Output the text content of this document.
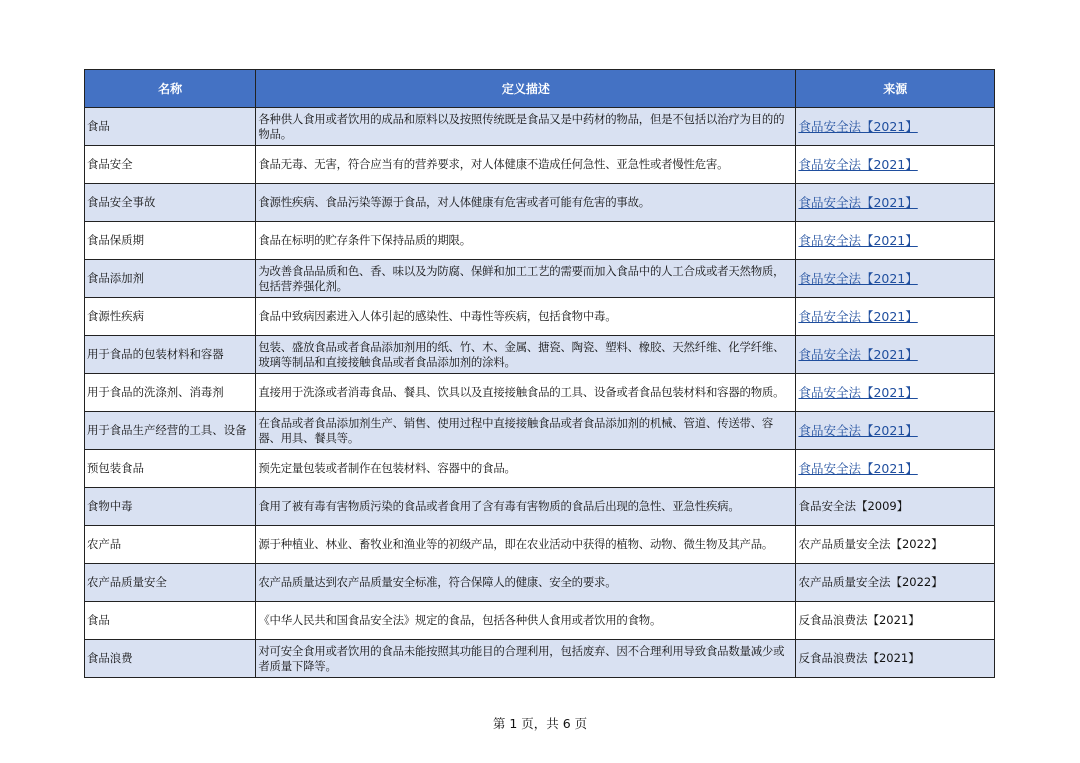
名称	定义描述	来源
食品	各种供人食用或者饮用的成品和原料以及按照传统既是食品又是中药材的物品，但是不包括以治疗为目的的物品。	食品安全法【2021】
食品安全	食品无毒、无害，符合应当有的营养要求，对人体健康不造成任何急性、亚急性或者慢性危害。	食品安全法【2021】
食品安全事故	食源性疾病、食品污染等源于食品，对人体健康有危害或者可能有危害的事故。	食品安全法【2021】
食品保质期	食品在标明的贮存条件下保持品质的期限。	食品安全法【2021】
食品添加剂	为改善食品品质和色、香、味以及为防腐、保鲜和加工工艺的需要而加入食品中的人工合成或者天然物质，包括营养强化剂。	食品安全法【2021】
食源性疾病	食品中致病因素进入人体引起的感染性、中毒性等疾病，包括食物中毒。	食品安全法【2021】
用于食品的包装材料和容器	包装、盛放食品或者食品添加剂用的纸、竹、木、金属、搪瓷、陶瓷、塑料、橡胶、天然纤维、化学纤维、玻璃等制品和直接接触食品或者食品添加剂的涂料。	食品安全法【2021】
用于食品的洗涤剂、消毒剂	直接用于洗涤或者消毒食品、餐具、饮具以及直接接触食品的工具、设备或者食品包装材料和容器的物质。	食品安全法【2021】
用于食品生产经营的工具、设备	在食品或者食品添加剂生产、销售、使用过程中直接接触食品或者食品添加剂的机械、管道、传送带、容器、用具、餐具等。	食品安全法【2021】
预包装食品	预先定量包装或者制作在包装材料、容器中的食品。	食品安全法【2021】
食物中毒	食用了被有毒有害物质污染的食品或者食用了含有毒有害物质的食品后出现的急性、亚急性疾病。	食品安全法【2009】
农产品	源于种植业、林业、畜牧业和渔业等的初级产品，即在农业活动中获得的植物、动物、微生物及其产品。	农产品质量安全法【2022】
农产品质量安全	农产品质量达到农产品质量安全标准，符合保障人的健康、安全的要求。	农产品质量安全法【2022】
食品	《中华人民共和国食品安全法》规定的食品，包括各种供人食用或者饮用的食物。	反食品浪费法【2021】
食品浪费	对可安全食用或者饮用的食品未能按照其功能目的合理利用，包括废弃、因不合理利用导致食品数量减少或者质量下降等。	反食品浪费法【2021】
第 1 页，共 6 页
